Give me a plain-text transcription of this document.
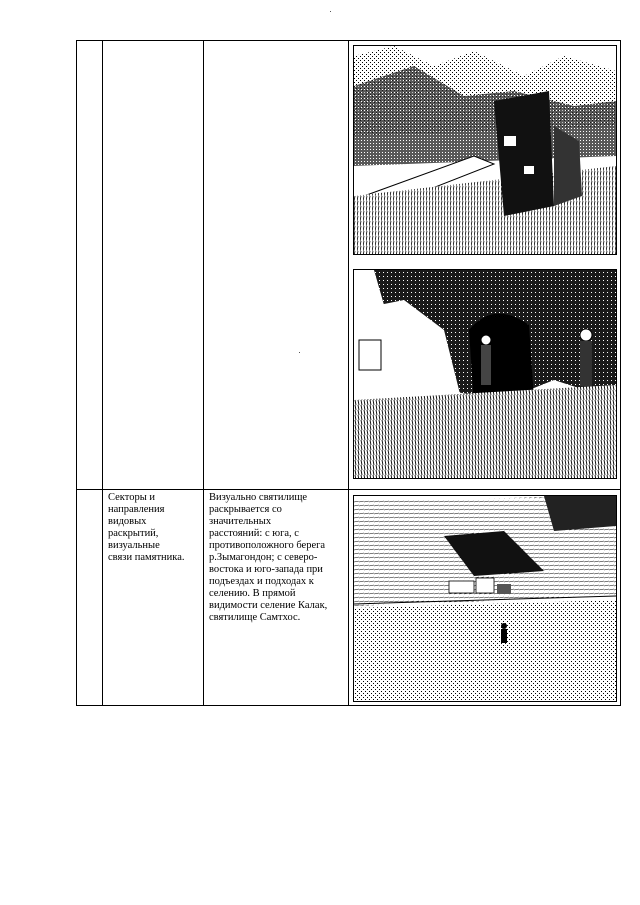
Секторы и
направления
видовых
раскрытий,
визуальные
связи памятника.
Визуально святилище
раскрывается со
значительных
расстояний: с юга, с
противоположного берега
р.Зымагондон; с северо-
востока и юго-запада при
подъездах и подходах к
селению. В прямой
видимости селение Калак,
святилище Самтхос.
